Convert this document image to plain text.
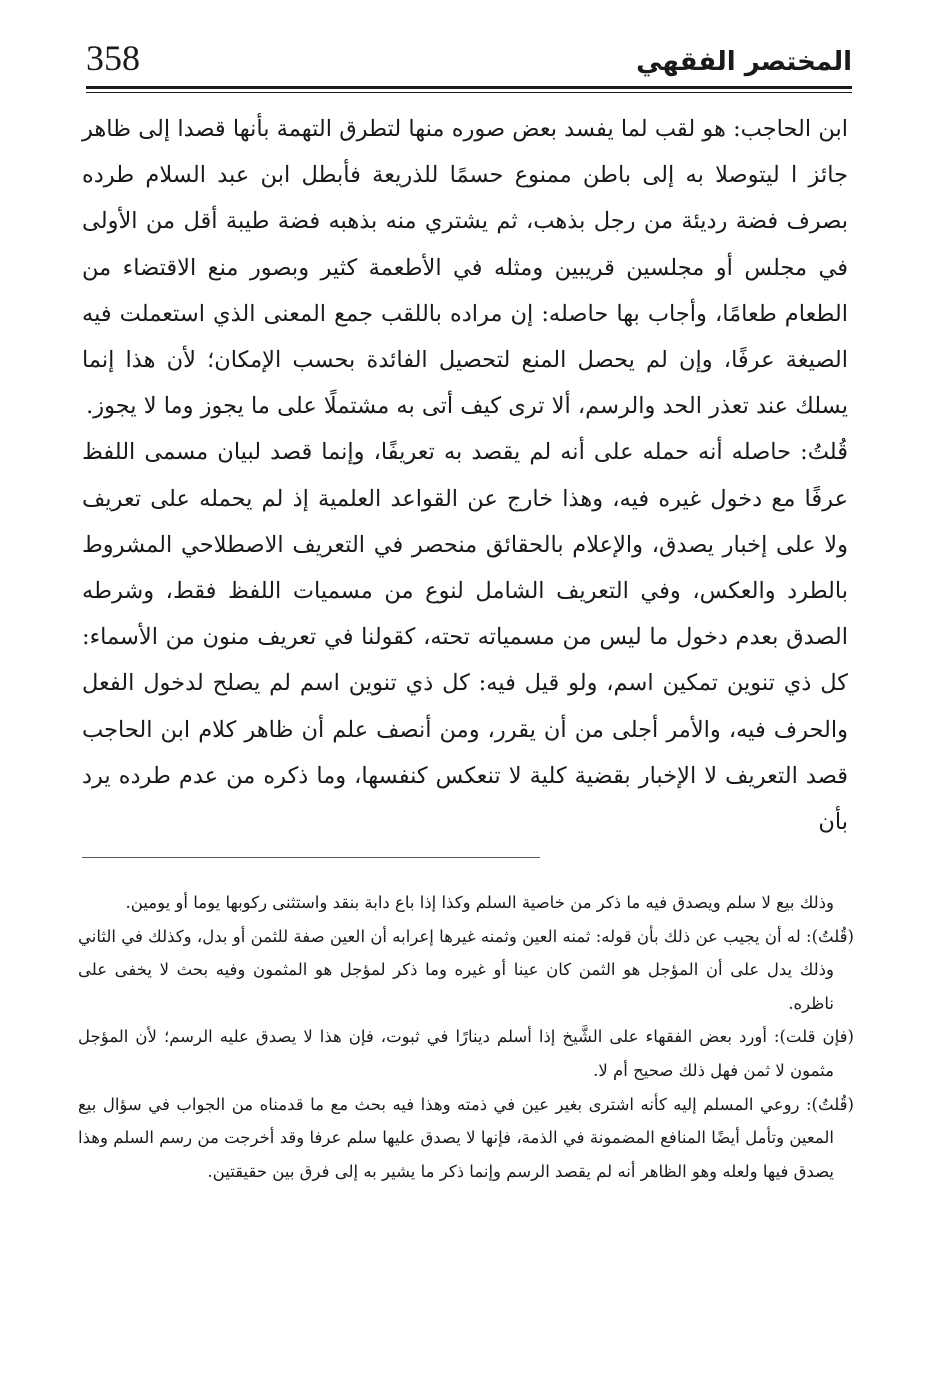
358	المختصر الفقهي

ابن الحاجب: هو لقب لما يفسد بعض صوره منها لتطرق التهمة بأنها قصدا إلى ظاهر جائز ا ليتوصلا به إلى باطن ممنوع حسمًا للذريعة فأبطل ابن عبد السلام طرده بصرف فضة رديئة من رجل بذهب، ثم يشتري منه بذهبه فضة طيبة أقل من الأولى في مجلس أو مجلسين قريبين ومثله في الأطعمة كثير وبصور منع الاقتضاء من الطعام طعامًا، وأجاب بها حاصله: إن مراده باللقب جمع المعنى الذي استعملت فيه الصيغة عرفًا، وإن لم يحصل المنع لتحصيل الفائدة بحسب الإمكان؛ لأن هذا إنما يسلك عند تعذر الحد والرسم، ألا ترى كيف أتى به مشتملًا على ما يجوز وما لا يجوز.

قُلتُ: حاصله أنه حمله على أنه لم يقصد به تعريفًا، وإنما قصد لبيان مسمى اللفظ عرفًا مع دخول غيره فيه، وهذا خارج عن القواعد العلمية إذ لم يحمله على تعريف ولا على إخبار يصدق، والإعلام بالحقائق منحصر في التعريف الاصطلاحي المشروط بالطرد والعكس، وفي التعريف الشامل لنوع من مسميات اللفظ فقط، وشرطه الصدق بعدم دخول ما ليس من مسمياته تحته، كقولنا في تعريف منون من الأسماء: كل ذي تنوين تمكين اسم، ولو قيل فيه: كل ذي تنوين اسم لم يصلح لدخول الفعل والحرف فيه، والأمر أجلى من أن يقرر، ومن أنصف علم أن ظاهر كلام ابن الحاجب قصد التعريف لا الإخبار بقضية كلية لا تنعكس كنفسها، وما ذكره من عدم طرده يرد بأن

وذلك بيع لا سلم ويصدق فيه ما ذكر من خاصية السلم وكذا إذا باع دابة بنقد واستثنى ركوبها يوما أو يومين.

(قُلتُ): له أن يجيب عن ذلك بأن قوله: ثمنه العين وثمنه غيرها إعرابه أن العين صفة للثمن أو بدل، وكذلك في الثاني وذلك يدل على أن المؤجل هو الثمن كان عينا أو غيره وما ذكر لمؤجل هو المثمون وفيه بحث لا يخفى على ناظره.

(فإن قلت): أورد بعض الفقهاء على الشَّيخ إذا أسلم دينارًا في ثبوت، فإن هذا لا يصدق عليه الرسم؛ لأن المؤجل مثمون لا ثمن فهل ذلك صحيح أم لا.

(قُلتُ): روعي المسلم إليه كأنه اشترى بغير عين في ذمته وهذا فيه بحث مع ما قدمناه من الجواب في سؤال بيع المعين وتأمل أيضًا المنافع المضمونة في الذمة، فإنها لا يصدق عليها سلم عرفا وقد أخرجت من رسم السلم وهذا يصدق فيها ولعله وهو الظاهر أنه لم يقصد الرسم وإنما ذكر ما يشير به إلى فرق بين حقيقتين.
